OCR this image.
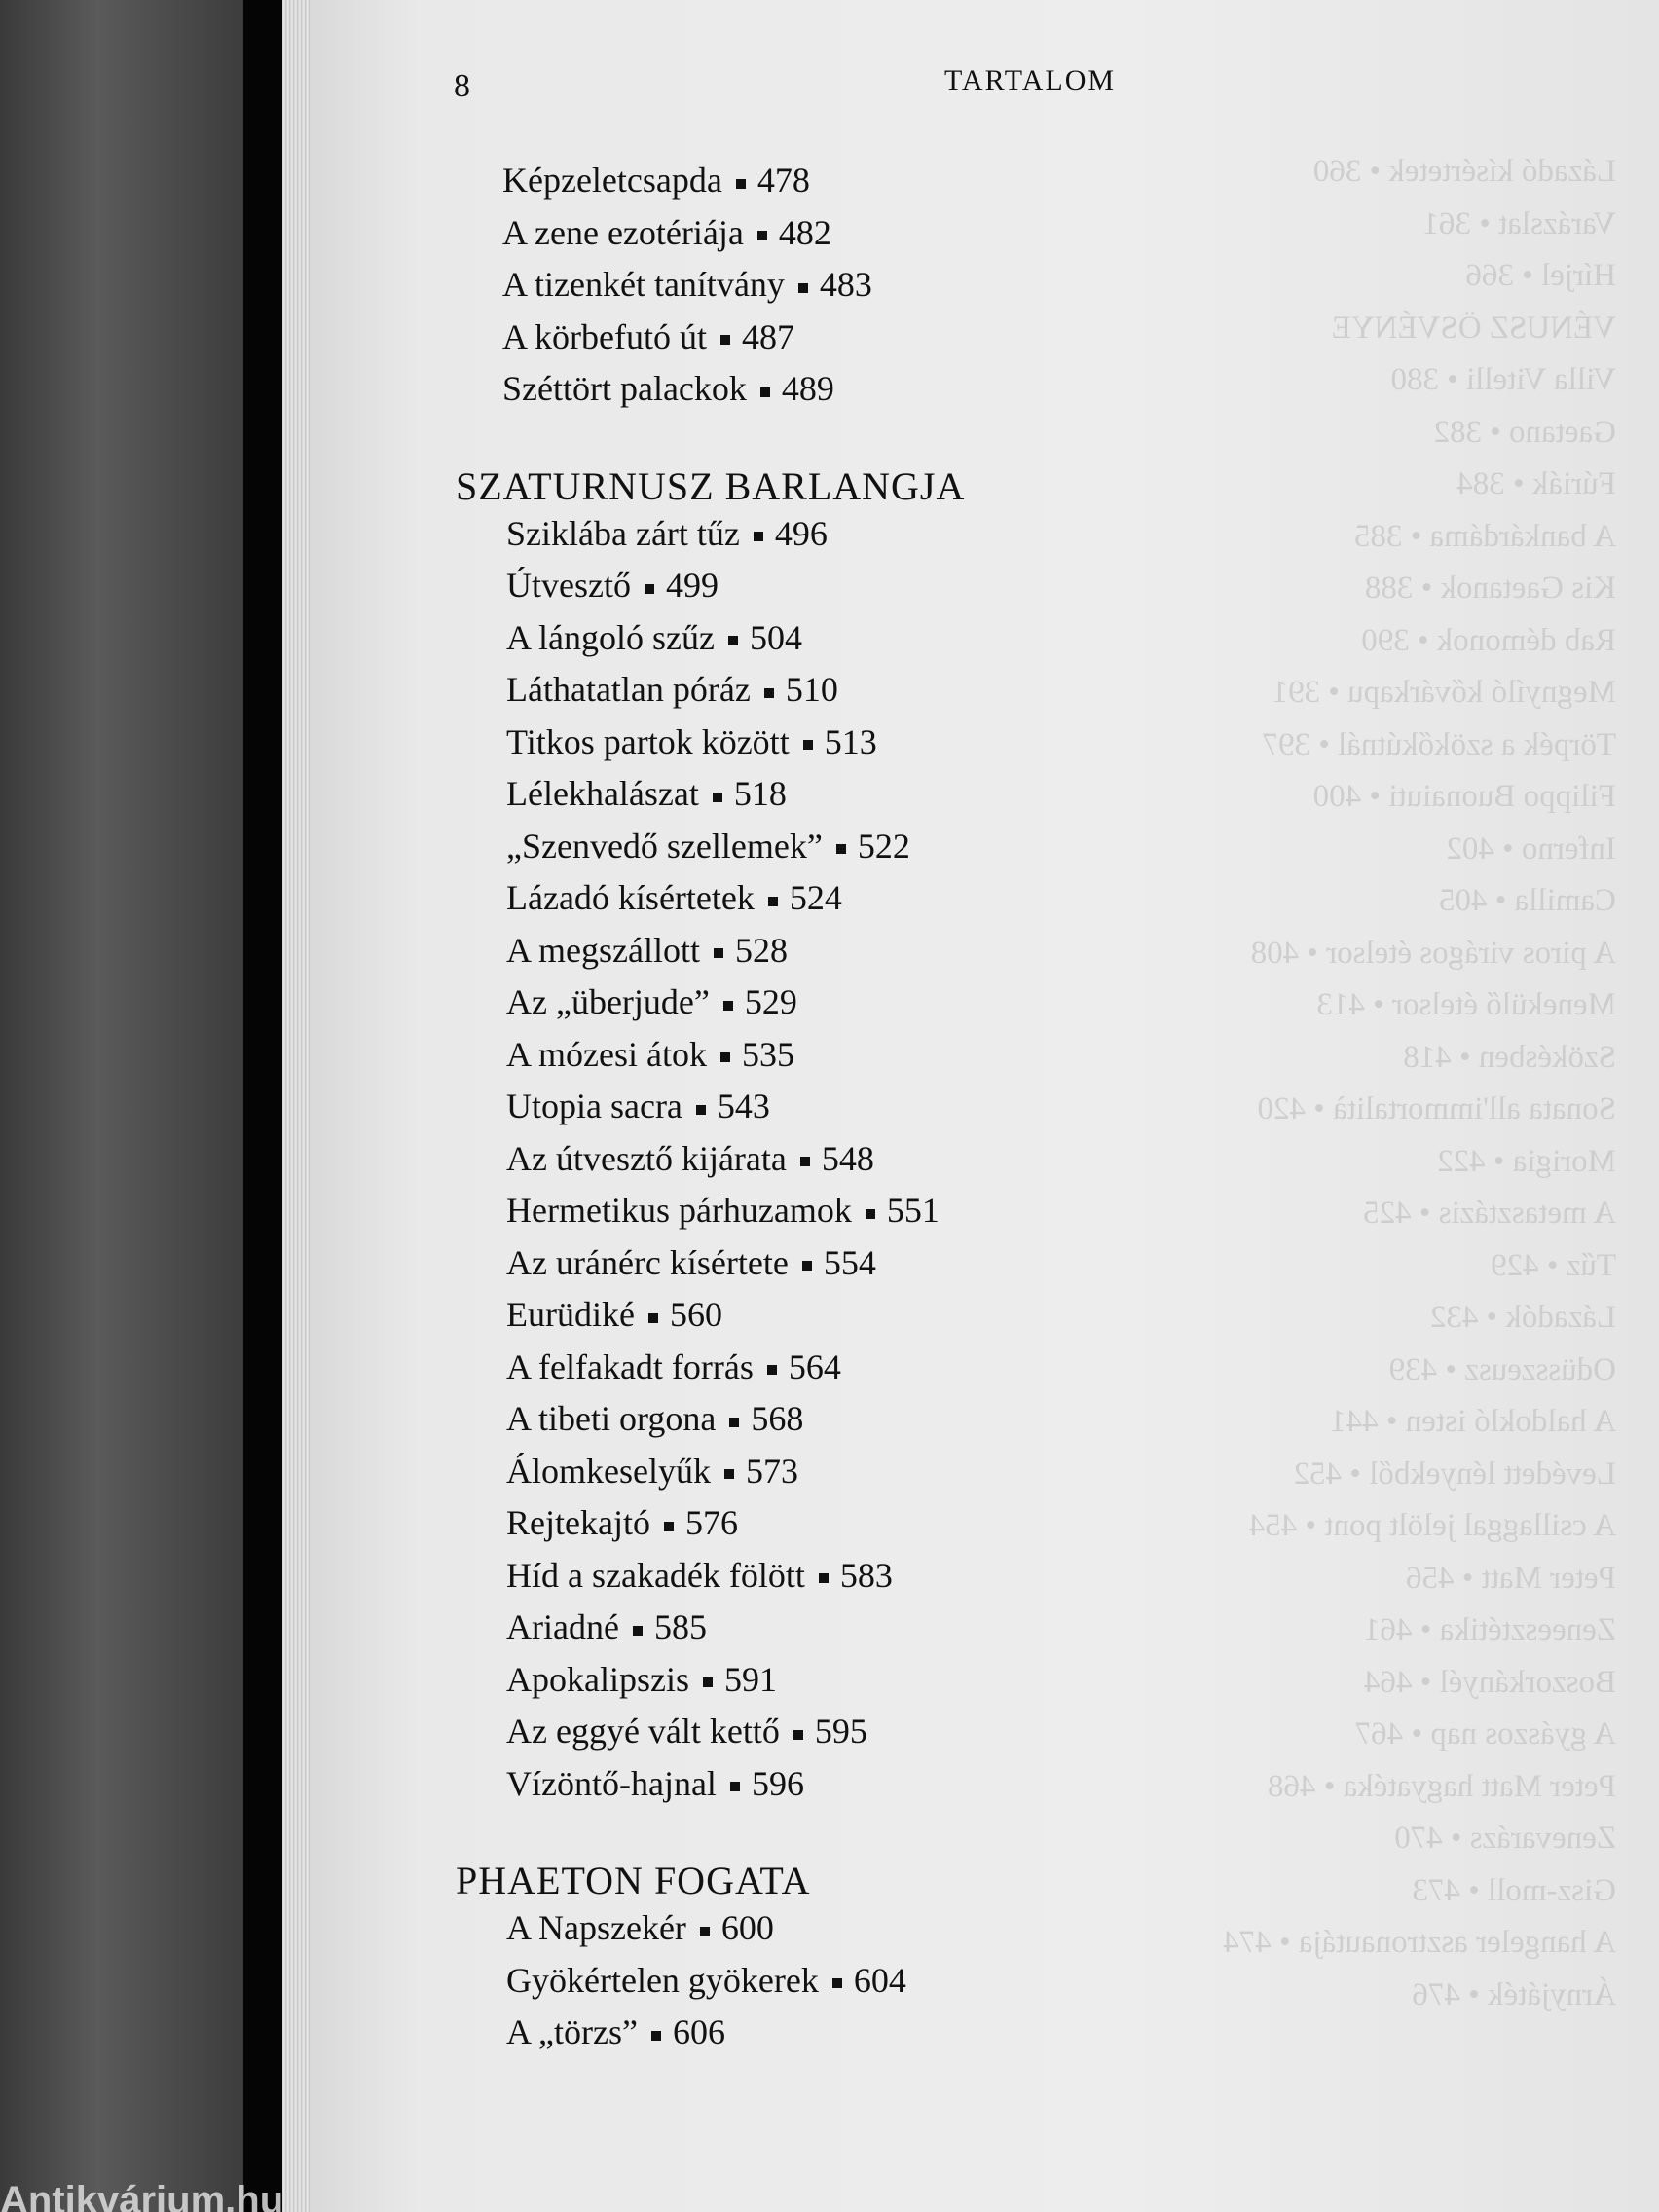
Lázadó kísértetek • 360
Varázslat • 361
Hírjel • 366
VÉNUSZ ÖSVÉNYE
Villa Vitelli • 380
Gaetano • 382
Fúriák • 384
A bankárdáma • 385
Kis Gaetanok • 388
Rab démonok • 390
Megnyíló kővárkapu • 391
Törpék a szökőkútnál • 397
Filippo Buonaiuti • 400
Inferno • 402
Camilla • 405
A piros virágos ételsor • 408
Menekülő ételsor • 413
Szökésben • 418
Sonata all'immortalità • 420
Morigia • 422
A metasztázis • 425
Tűz • 429
Lázadók • 432
Odüsszeusz • 439
A haldokló isten • 441
Levédett lényekből • 452
A csillaggal jelölt pont • 454
Peter Matt • 456
Zeneesztétika • 461
Boszorkányél • 464
A gyászos nap • 467
Peter Matt hagyatéka • 468
Zenevarázs • 470
Gisz-moll • 473
A hangeler asztronautája • 474
Árnyjáték • 476
8	TARTALOM
Képzeletcsapda 478
A zene ezotériája 482
A tizenkét tanítvány 483
A körbefutó út 487
Széttört palackok 489
SZATURNUSZ BARLANGJA
Sziklába zárt tűz 496
Útvesztő 499
A lángoló szűz 504
Láthatatlan póráz 510
Titkos partok között 513
Lélekhalászat 518
„Szenvedő szellemek” 522
Lázadó kísértetek 524
A megszállott 528
Az „überjude” 529
A mózesi átok 535
Utopia sacra 543
Az útvesztő kijárata 548
Hermetikus párhuzamok 551
Az uránérc kísértete 554
Eurüdiké 560
A felfakadt forrás 564
A tibeti orgona 568
Álomkeselyűk 573
Rejtekajtó 576
Híd a szakadék fölött 583
Ariadné 585
Apokalipszis 591
Az eggyé vált kettő 595
Vízöntő-hajnal 596
PHAETON FOGATA
A Napszekér 600
Gyökértelen gyökerek 604
A „törzs” 606
Antikvárium.hu
